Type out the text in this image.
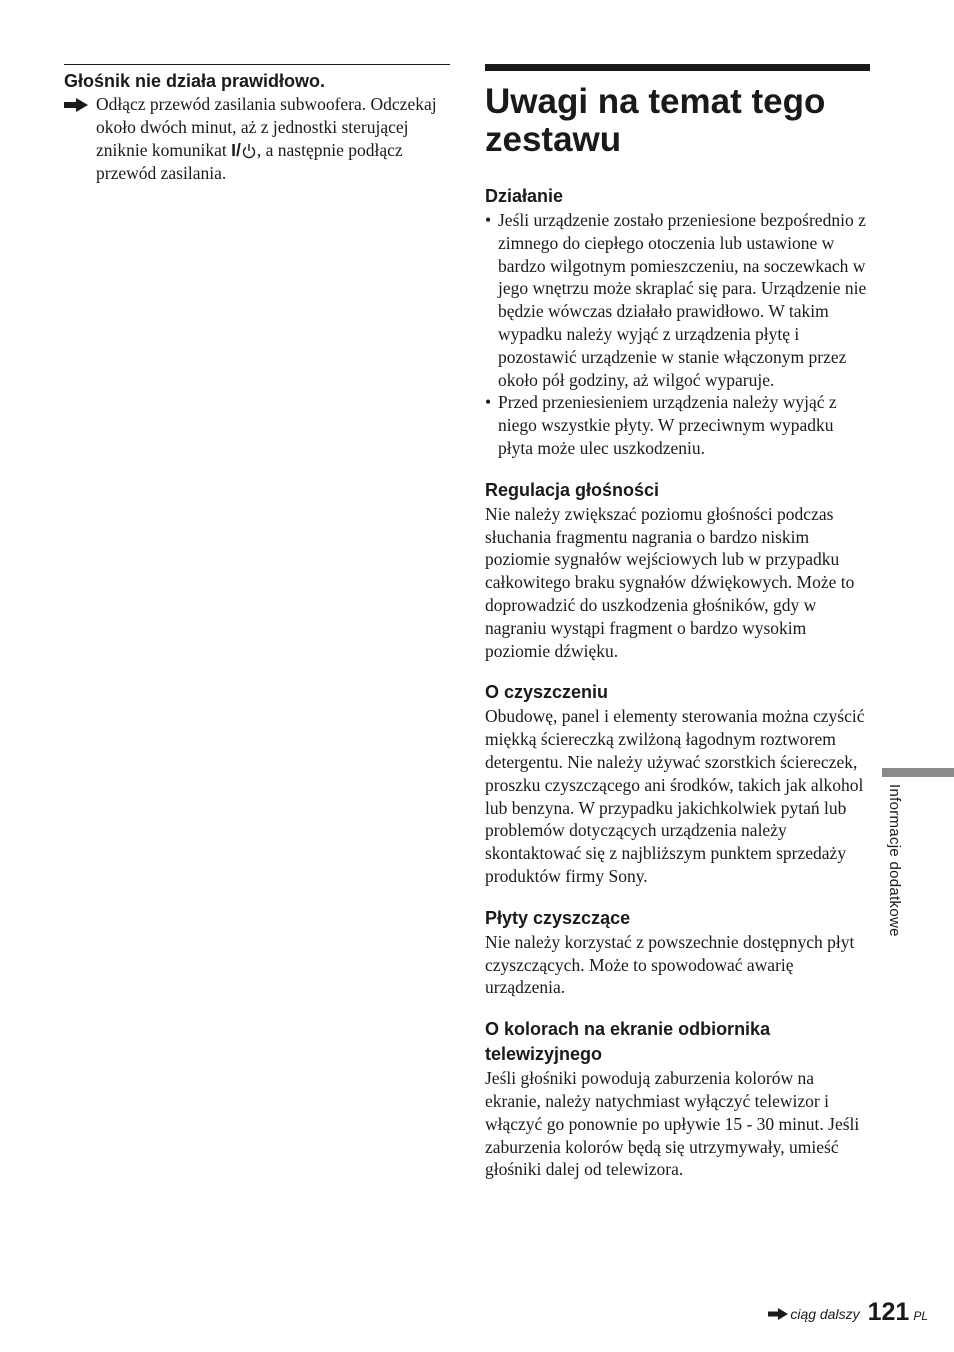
Głośnik nie działa prawidłowo.
Odłącz przewód zasilania subwoofera. Odczekaj około dwóch minut, aż z jednostki sterującej zniknie komunikat I/ , a następnie podłącz przewód zasilania.
Uwagi na temat tego zestawu
Działanie
• Jeśli urządzenie zostało przeniesione bezpośrednio z zimnego do ciepłego otoczenia lub ustawione w bardzo wilgotnym pomieszczeniu, na soczewkach w jego wnętrzu może skraplać się para. Urządzenie nie będzie wówczas działało prawidłowo. W takim wypadku należy wyjąć z urządzenia płytę i pozostawić urządzenie w stanie włączonym przez około pół godziny, aż wilgoć wyparuje.
• Przed przeniesieniem urządzenia należy wyjąć z niego wszystkie płyty. W przeciwnym wypadku płyta może ulec uszkodzeniu.
Regulacja głośności
Nie należy zwiększać poziomu głośności podczas słuchania fragmentu nagrania o bardzo niskim poziomie sygnałów wejściowych lub w przypadku całkowitego braku sygnałów dźwiękowych. Może to doprowadzić do uszkodzenia głośników, gdy w nagraniu wystąpi fragment o bardzo wysokim poziomie dźwięku.
O czyszczeniu
Obudowę, panel i elementy sterowania można czyścić miękką ściereczką zwilżoną łagodnym roztworem detergentu. Nie należy używać szorstkich ściereczek, proszku czyszczącego ani środków, takich jak alkohol lub benzyna. W przypadku jakichkolwiek pytań lub problemów dotyczących urządzenia należy skontaktować się z najbliższym punktem sprzedaży produktów firmy Sony.
Płyty czyszczące
Nie należy korzystać z powszechnie dostępnych płyt czyszczących. Może to spowodować awarię urządzenia.
O kolorach na ekranie odbiornika telewizyjnego
Jeśli głośniki powodują zaburzenia kolorów na ekranie, należy natychmiast wyłączyć telewizor i włączyć go ponownie po upływie 15 - 30 minut. Jeśli zaburzenia kolorów będą się utrzymywały, umieść głośniki dalej od telewizora.
Informacje dodatkowe
ciąg dalszy 121 PL
